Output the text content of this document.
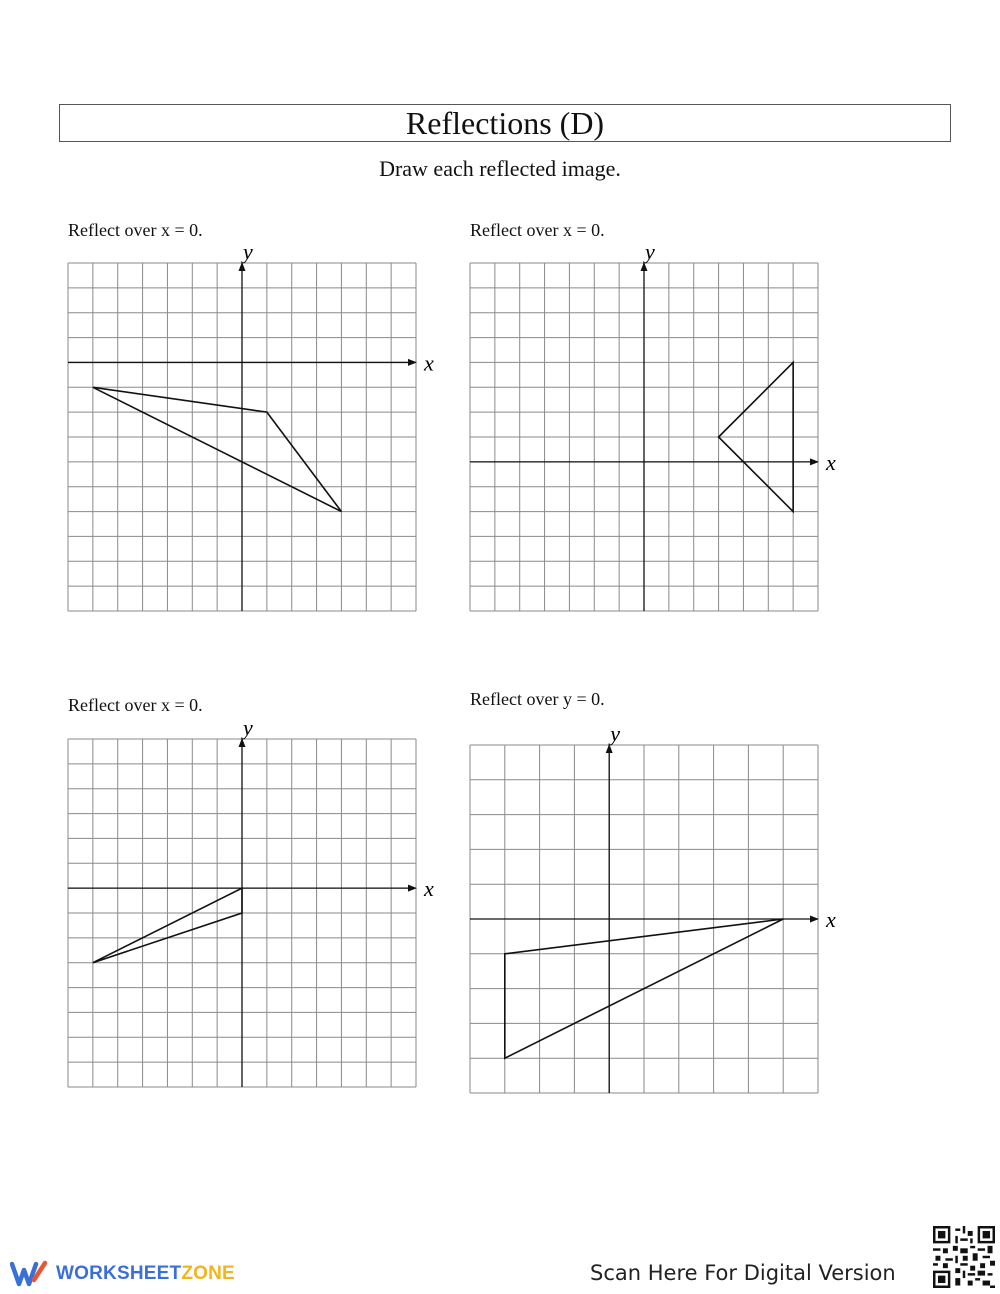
Reflections (D)
Draw each reflected image.
Reflect over x = 0.	Reflect over x = 0.
Reflect over x = 0.	Reflect over y = 0.
x
y
x
y
x
y
x
y
WORKSHEETZONE	Scan Here For Digital Version
